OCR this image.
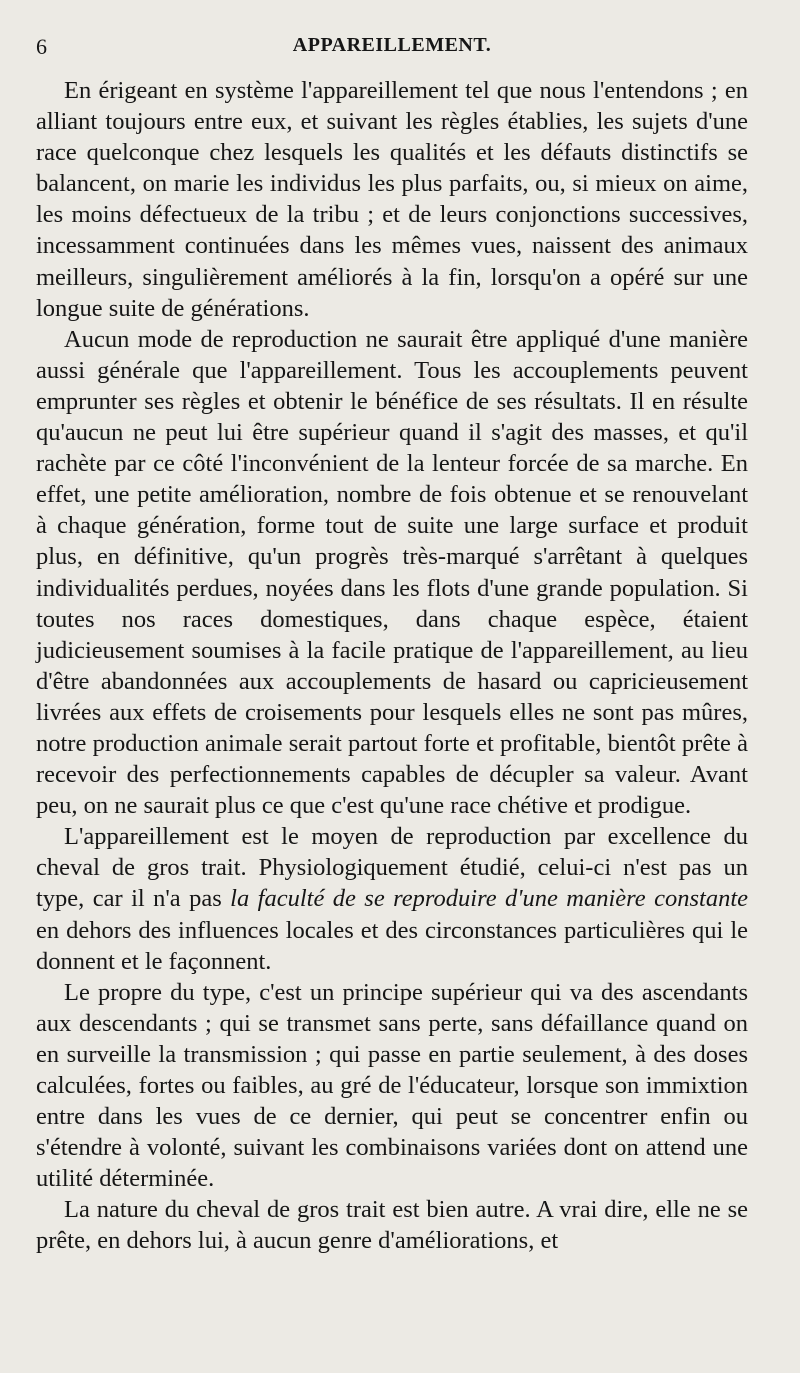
6	APPAREILLEMENT.

En érigeant en système l'appareillement tel que nous l'entendons ; en alliant toujours entre eux, et suivant les règles établies, les sujets d'une race quelconque chez lesquels les qualités et les défauts distinctifs se balancent, on marie les individus les plus parfaits, ou, si mieux on aime, les moins défectueux de la tribu ; et de leurs conjonctions successives, incessamment continuées dans les mêmes vues, naissent des animaux meilleurs, singulièrement améliorés à la fin, lorsqu'on a opéré sur une longue suite de générations.

Aucun mode de reproduction ne saurait être appliqué d'une manière aussi générale que l'appareillement. Tous les accouplements peuvent emprunter ses règles et obtenir le bénéfice de ses résultats. Il en résulte qu'aucun ne peut lui être supérieur quand il s'agit des masses, et qu'il rachète par ce côté l'inconvénient de la lenteur forcée de sa marche. En effet, une petite amélioration, nombre de fois obtenue et se renouvelant à chaque génération, forme tout de suite une large surface et produit plus, en définitive, qu'un progrès très-marqué s'arrêtant à quelques individualités perdues, noyées dans les flots d'une grande population. Si toutes nos races domestiques, dans chaque espèce, étaient judicieusement soumises à la facile pratique de l'appareillement, au lieu d'être abandonnées aux accouplements de hasard ou capricieusement livrées aux effets de croisements pour lesquels elles ne sont pas mûres, notre production animale serait partout forte et profitable, bientôt prête à recevoir des perfectionnements capables de décupler sa valeur. Avant peu, on ne saurait plus ce que c'est qu'une race chétive et prodigue.

L'appareillement est le moyen de reproduction par excellence du cheval de gros trait. Physiologiquement étudié, celui-ci n'est pas un type, car il n'a pas la faculté de se reproduire d'une manière constante en dehors des influences locales et des circonstances particulières qui le donnent et le façonnent.

Le propre du type, c'est un principe supérieur qui va des ascendants aux descendants ; qui se transmet sans perte, sans défaillance quand on en surveille la transmission ; qui passe en partie seulement, à des doses calculées, fortes ou faibles, au gré de l'éducateur, lorsque son immixtion entre dans les vues de ce dernier, qui peut se concentrer enfin ou s'étendre à volonté, suivant les combinaisons variées dont on attend une utilité déterminée.

La nature du cheval de gros trait est bien autre. A vrai dire, elle ne se prête, en dehors lui, à aucun genre d'améliorations, et
